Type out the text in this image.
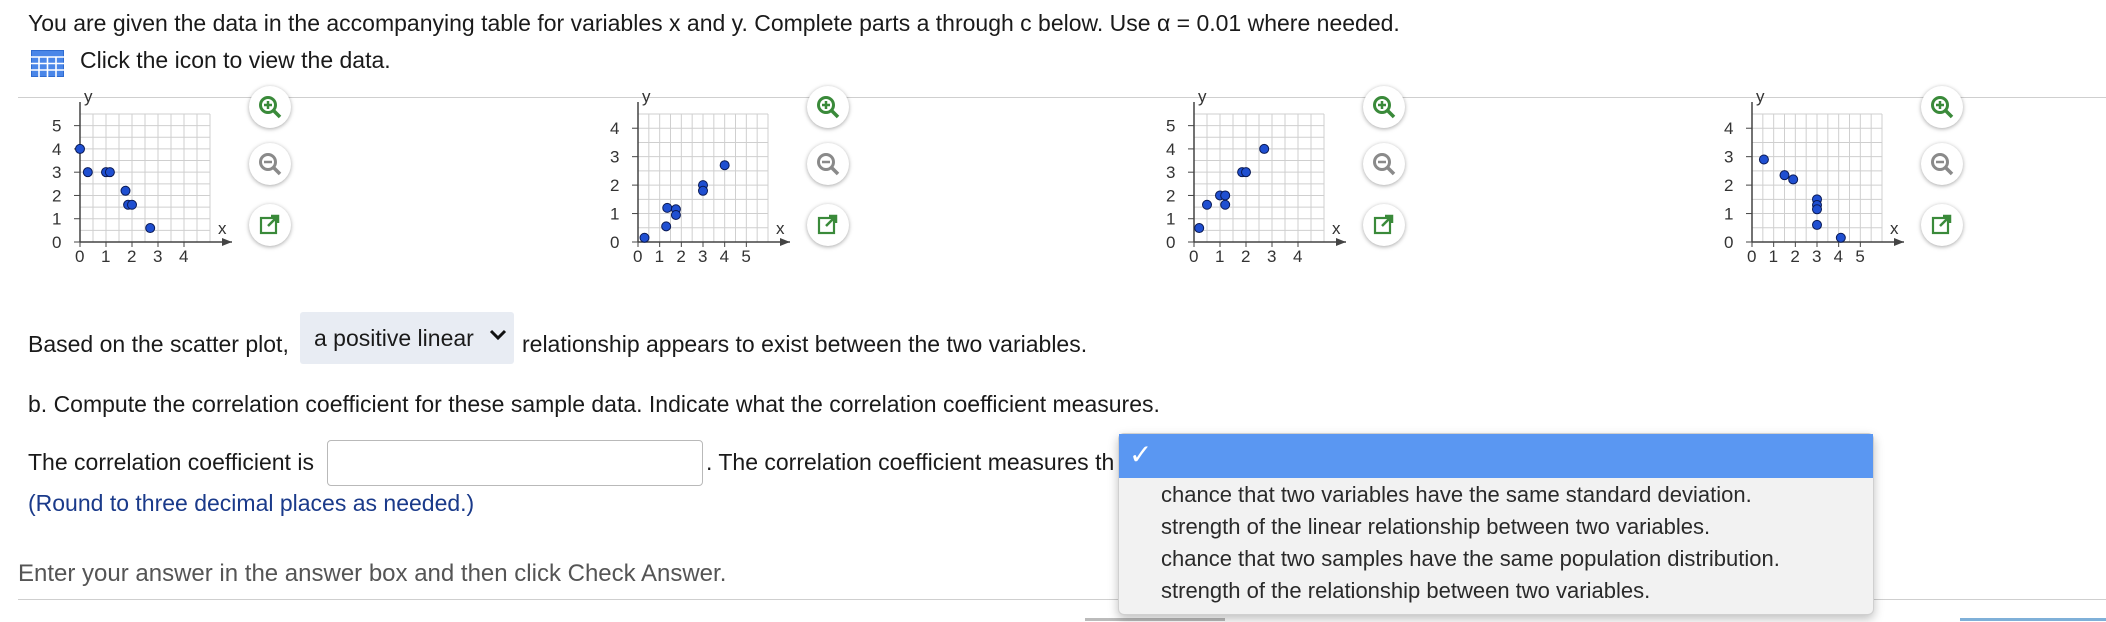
You are given the data in the accompanying table for variables x and y. Complete parts a through c below. Use α = 0.01 where needed.
Click the icon to view the data.
0 1 2 3 4
5
4
3
2
1
0
x
y
0 1 2 3 4 5
4
3
2
1
0
x
y
0 1 2 3 4
5
4
3
2
1
0
x
y
0 1 2 3 4 5
4
3
2
1
0
x
y
Based on the scatter plot, a positive linear relationship appears to exist between the two variables.
b. Compute the correlation coefficient for these sample data. Indicate what the correlation coefficient measures.
The correlation coefficient is	. The correlation coefficient measures th
(Round to three decimal places as needed.)
Enter your answer in the answer box and then click Check Answer.
✓
chance that two variables have the same standard deviation.
strength of the linear relationship between two variables.
chance that two samples have the same population distribution.
strength of the relationship between two variables.
